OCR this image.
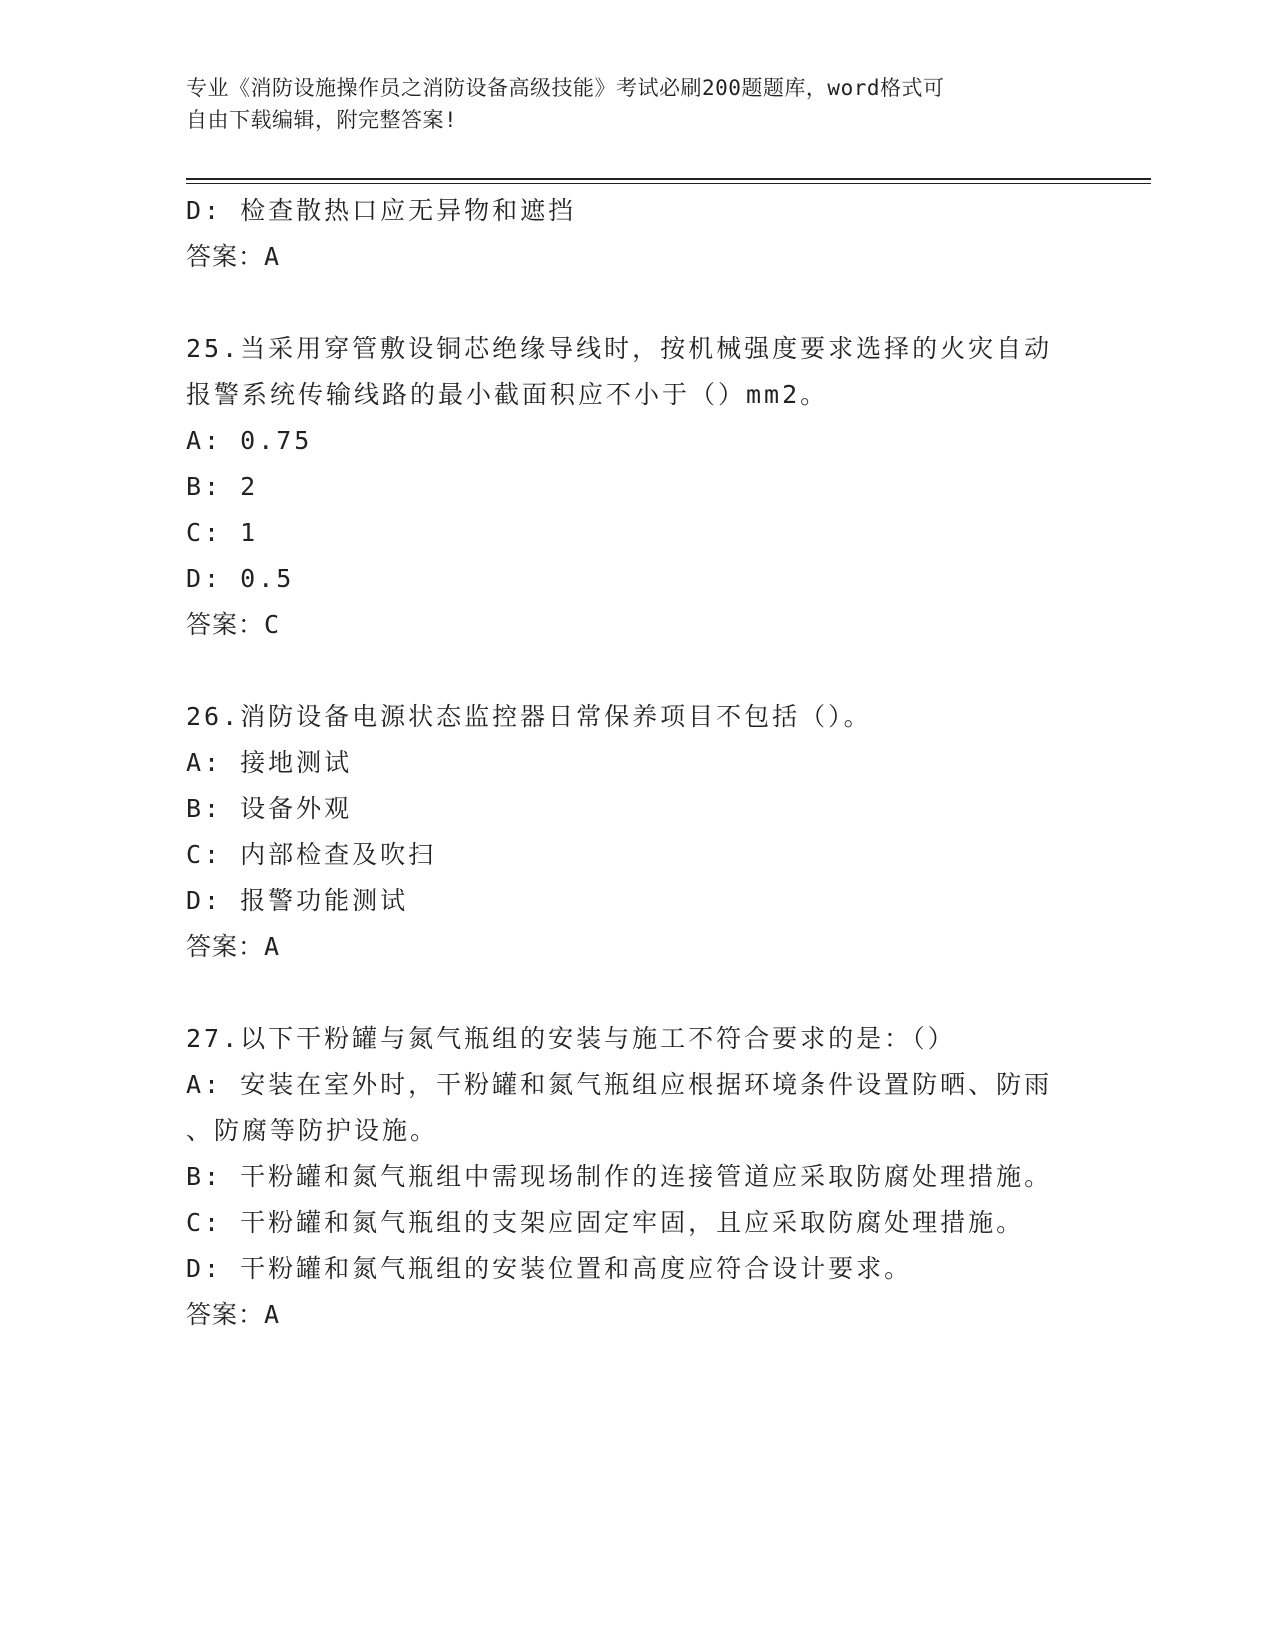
专业《消防设施操作员之消防设备高级技能》考试必刷200题题库，word格式可
自由下载编辑，附完整答案!
D: 检查散热口应无异物和遮挡
答案：A
25.当采用穿管敷设铜芯绝缘导线时，按机械强度要求选择的火灾自动
报警系统传输线路的最小截面积应不小于（）mm2。
A: 0.75
B: 2
C: 1
D: 0.5
答案：C
26.消防设备电源状态监控器日常保养项目不包括（）。
A: 接地测试
B: 设备外观
C: 内部检查及吹扫
D: 报警功能测试
答案：A
27.以下干粉罐与氮气瓶组的安装与施工不符合要求的是：（）
A: 安装在室外时，干粉罐和氮气瓶组应根据环境条件设置防晒、防雨
、防腐等防护设施。
B: 干粉罐和氮气瓶组中需现场制作的连接管道应采取防腐处理措施。
C: 干粉罐和氮气瓶组的支架应固定牢固，且应采取防腐处理措施。
D: 干粉罐和氮气瓶组的安装位置和高度应符合设计要求。
答案：A
